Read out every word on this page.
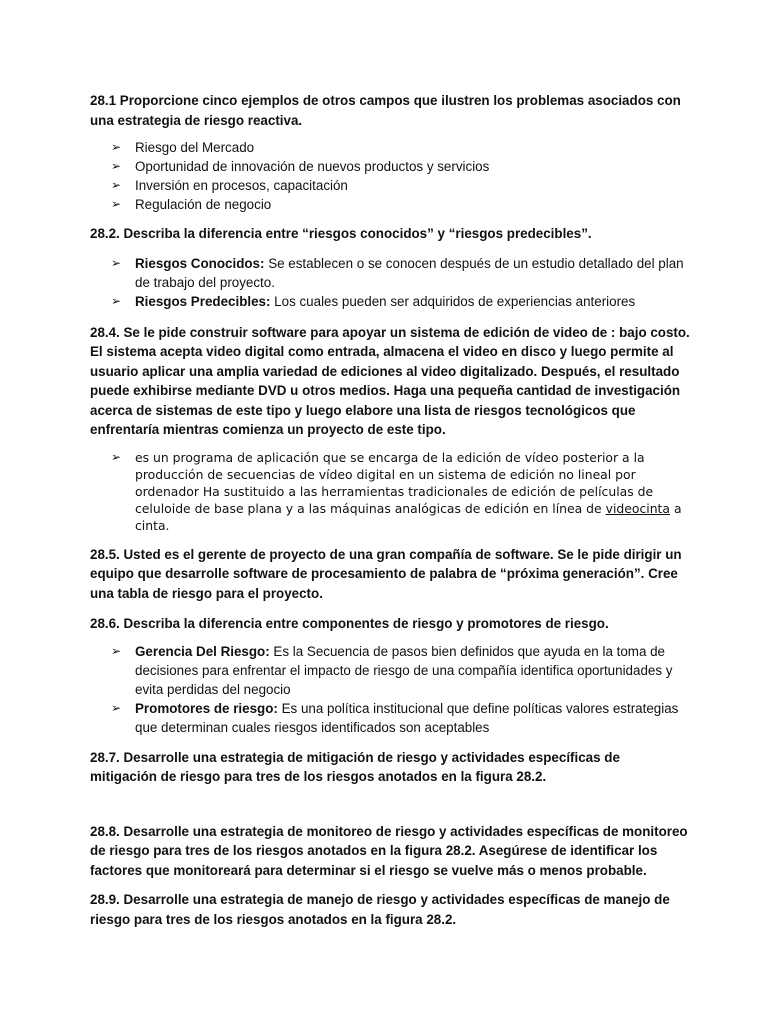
28.1 Proporcione cinco ejemplos de otros campos que ilustren los problemas asociados con una estrategia de riesgo reactiva.

➢ Riesgo del Mercado
➢ Oportunidad de innovación de nuevos productos y servicios
➢ Inversión en procesos, capacitación
➢ Regulación de negocio

28.2. Describa la diferencia entre “riesgos conocidos” y “riesgos predecibles”.

➢ Riesgos Conocidos: Se establecen o se conocen después de un estudio detallado del plan de trabajo del proyecto.
➢ Riesgos Predecibles: Los cuales pueden ser adquiridos de experiencias anteriores

28.4. Se le pide construir software para apoyar un sistema de edición de video de : bajo costo. El sistema acepta video digital como entrada, almacena el video en disco y luego permite al usuario aplicar una amplia variedad de ediciones al video digitalizado. Después, el resultado puede exhibirse mediante DVD u otros medios. Haga una pequeña cantidad de investigación acerca de sistemas de este tipo y luego elabore una lista de riesgos tecnológicos que enfrentaría mientras comienza un proyecto de este tipo.

➢ es un programa de aplicación que se encarga de la edición de vídeo posterior a la producción de secuencias de vídeo digital en un sistema de edición no lineal por ordenador Ha sustituido a las herramientas tradicionales de edición de películas de celuloide de base plana y a las máquinas analógicas de edición en línea de videocinta a cinta.

28.5. Usted es el gerente de proyecto de una gran compañía de software. Se le pide dirigir un equipo que desarrolle software de procesamiento de palabra de “próxima generación”. Cree una tabla de riesgo para el proyecto.

28.6. Describa la diferencia entre componentes de riesgo y promotores de riesgo.

➢ Gerencia Del Riesgo: Es la Secuencia de pasos bien definidos que ayuda en la toma de decisiones para enfrentar el impacto de riesgo de una compañía identifica oportunidades y evita perdidas del negocio
➢ Promotores de riesgo: Es una política institucional que define políticas valores estrategias que determinan cuales riesgos identificados son aceptables

28.7. Desarrolle una estrategia de mitigación de riesgo y actividades específicas de mitigación de riesgo para tres de los riesgos anotados en la figura 28.2.

28.8. Desarrolle una estrategia de monitoreo de riesgo y actividades específicas de monitoreo de riesgo para tres de los riesgos anotados en la figura 28.2. Asegúrese de identificar los factores que monitoreará para determinar si el riesgo se vuelve más o menos probable.

28.9. Desarrolle una estrategia de manejo de riesgo y actividades específicas de manejo de riesgo para tres de los riesgos anotados en la figura 28.2.
